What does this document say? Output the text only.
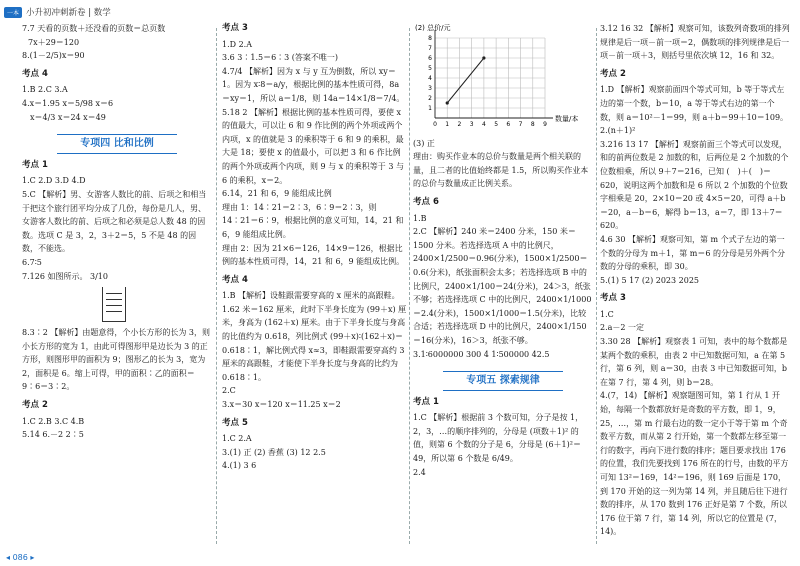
一本 小升初冲刺新卷 | 数学

7.7 天看的页数＋还没看的页数＝总页数

7x＋29＝120

8.(1－2/5)x＝90

考点 4

1.B 2.C 3.A

4.x＝1.95 x＝5/98 x＝6

x＝4/3 x＝24 x＝49

专项四 比和比例

考点 1

1.C 2.D 3.D 4.D

5.C 【解析】男、女游客人数比的前、后项之和相当于把这个旅行团平均分成了几份，每份是几人，男、女游客人数比的前、后项之和必须是总人数 48 的因数。选项 C 是 3，2，3＋2＝5，5 不是 48 的因数，不能选。

6.7∶5

7.126 如图所示。 3/10

8.3∶2 【解析】由题意得，个小长方形的长为 3，则小长方形的宽为 1，由此可得图形甲是边长为 3 的正方形，则图形甲的面积为 9；图形乙的长为 3，宽为 2，面积是 6。缩上可得，甲的面积∶乙的面积＝9∶6＝3∶2。

考点 2

1.C 2.B 3.C 4.B

5.14 6.－2 2∶5

考点 3

1.D 2.A

3.6 3∶1.5＝6∶3 (答案不唯一)

4.7/4 【解析】因为 x 与 y 互为倒数，所以 xy＝1。因为 x∶8＝a/y，根据比例的基本性质可得，8a＝xy＝1，所以 a＝1/8，则 14a＝14×1/8＝7/4。

5.18 2 【解析】根据比例的基本性质可得，要使 x 的值最大，可以让 6 和 9 作比例的两个外项或两个内项，x 的值就是 3 的乘积等于 6 和 9 的乘积，最大是 18；要使 x 的值最小，可以把 3 和 6 作比例的两个外项或两个内项，则 9 与 x 的乘积等于 3 与 6 的乘积，x＝2。

6.14，21 和 6，9 能组成比例

理由 1：14∶21＝2∶3，6∶9＝2∶3，则 14∶21＝6∶9，根据比例的意义可知，14，21 和 6，9 能组成比例。

理由 2：因为 21×6＝126，14×9＝126，根据比例的基本性质可得，14，21 和 6，9 能组成比例。

考点 4

1.B 【解析】设鞋跟需要穿高的 x 厘米的高跟鞋。1.62 米＝162 厘米，此时下半身长度为 (99＋x) 厘米，身高为 (162＋x) 厘米。由于下半身长度与身高的比值约为 0.618，列比例式 (99＋x)∶(162＋x)＝0.618∶1，解比例式得 x≈3，即鞋跟需要穿高约 3 厘米的高跟鞋，才能使下半身长度与身高的比约为 0.618∶1。

2.C

3.x＝30 x＝120 x＝11.25 x＝2

考点 5

1.C 2.A

3.(1) 正 (2) 香蕉 (3) 12 2.5

4.(1) 3 6

0 1 2 3 4 5 6 7 8 9
1
2
3
4
5
6
7
8
(2) 总价/元
数量/本

(3) 正

理由：购买作业本的总价与数量是两个相关联的量，且二者的比值始终都是 1.5，所以购买作业本的总价与数量成正比例关系。

考点 6

1.B

2.C 【解析】240 米＝2400 分米，150 米＝1500 分米。若选择选项 A 中的比例尺，2400×1/2500＝0.96(分米)，1500×1/2500＝0.6(分米)，纸张面积会太多；若选择选项 B 中的比例尺，2400×1/100＝24(分米)，24＞3，纸张不够；若选择选项 C 中的比例尺，2400×1/1000＝2.4(分米)，1500×1/1000＝1.5(分米)，比较合适；若选择选项 D 中的比例尺，2400×1/150＝16(分米)，16＞3，纸张不够。

3.1∶6000000 300 4 1∶500000 42.5

专项五 探索规律

考点 1

1.C 【解析】根据前 3 个数可知，分子是按 1，2，3，…的顺序排列的，分母是 (项数＋1)² 的值，则第 6 个数的分子是 6，分母是 (6＋1)²＝49，所以第 6 个数是 6/49。

2.4

3.12 16 32 【解析】观察可知，该数列奇数项的排列规律是后一项－前一项＝2，偶数项的排列规律是后一项－前一项＋3，则括号里依次填 12，16 和 32。

考点 2

1.D 【解析】观察前面四个等式可知，b 等于等式左边的第一个数，b＝10，a 等于等式右边的第一个数，则 a＝10²－1＝99，则 a＋b＝99＋10＝109。

2.(n＋1)²

3.216 13 17 【解析】观察前面三个等式可以发现，和的前两位数是 2 加数的和，后两位是 2 个加数的个位数相乘，所以 9＋7＝216，已知 (　)＋(　)＝620，说明这两个加数和是 6 所以 2 个加数的个位数字相乘是 20，2×10＝20 或 4×5＝20，可得 a＋b＝20，a－b＝6，解得 b＝13，a＝7，即 13＋7＝620。

4.6 30 【解析】观察可知，第 m 个式子左边的第一个数的分母为 m＋1，第 m＝6 的分母是另外两个分数的分母的乘积，即 30。

5.(1) 5 17 (2) 2023 2025

考点 3

1.C

2.a－2 一定

3.30 28 【解析】观察表 1 可知，表中的每个数都是某两个数的乘积，由表 2 中已知数据可知，a 在第 5 行，第 6 列，则 a＝30，由表 3 中已知数据可知，b 在第 7 行，第 4 列，则 b＝28。

4.(7，14) 【解析】观察题图可知，第 1 行从 1 开始，每隔一个数都放好是奇数的平方数，即 1，9，25，…，第 m 行最右边的数一定小于等于第 m 个奇数平方数，而从第 2 行开始，第一个数都左移至第一行的数字，再向下进行数的排序；题目要求找出 176 的位置，我们先要找到 176 所在的行号，由数的平方可知 13²＝169，14²＝196，则 169 后面是 170，到 170 开始的这一列为第 14 列，并且随后往下进行数的排序，从 170 数到 176 正好是第 7 个数，所以 176 位于第 7 行，第 14 列，所以它的位置是 (7，14)。

◂ 086 ▸
